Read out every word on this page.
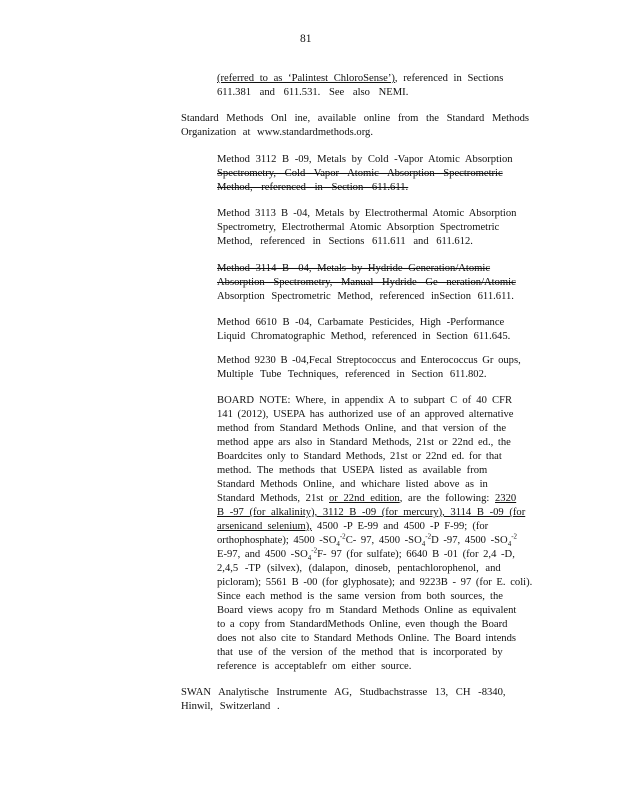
81
(referred to as ‘Palintest ChloroSense’), referenced in Sections
611.381 and 611.531. See also NEMI.
Standard Methods Onl ine, available online from the Standard Methods
Organization at www.standardmethods.org.
Method 3112 B -09, Metals by Cold -Vapor Atomic Absorption
Spectrometry, Cold Vapor Atomic Absorption Spectrometric
Method, referenced in Section 611.611.
Method 3113 B -04, Metals by Electrothermal Atomic Absorption
Spectrometry, Electrothermal Atomic Absorption Spectrometric
Method, referenced in Sections 611.611 and 611.612.
Method 3114 B -04, Metals by Hydride Generation/Atomic
Absorption Spectrometry, Manual Hydride Ge neration/Atomic
Absorption Spectrometric Method, referenced inSection 611.611.
Method 6610 B -04, Carbamate Pesticides, High -Performance
Liquid Chromatographic Method, referenced in Section 611.645.
Method 9230 B -04,Fecal Streptococcus and Enterococcus Gr oups,
Multiple Tube Techniques, referenced in Section 611.802.
BOARD NOTE: Where, in appendix A to subpart C of 40 CFR
141 (2012), USEPA has authorized use of an approved alternative
method from Standard Methods Online, and that version of the
method appe ars also in Standard Methods, 21st or 22nd ed., the
Boardcites only to Standard Methods, 21st or 22nd ed. for that
method. The methods that USEPA listed as available from
Standard Methods Online, and whichare listed above as in
Standard Methods, 21st or 22nd edition, are the following: 2320
B -97 (for alkalinity), 3112 B -09 (for mercury), 3114 B -09 (for
arsenicand selenium), 4500 -P E-99 and 4500 -P F-99; (for
orthophosphate); 4500 $-SO_4^{-2}C-$ 97, 4500 $-SO_4^{-2}D$ -97, 4500 $-SO_4^{-2}$
E-97, and 4500 $-SO_4^{-2}F-$ 97 (for sulfate); 6640 B -01 (for 2,4 -D,
2,4,5 -TP (silvex), (dalapon, dinoseb, pentachlorophenol, and
picloram); 5561 B -00 (for glyphosate); and 9223B - 97 (for E. coli).
Since each method is the same version from both sources, the
Board views acopy fro m Standard Methods Online as equivalent
to a copy from StandardMethods Online, even though the Board
does not also cite to Standard Methods Online. The Board intends
that use of the version of the method that is incorporated by
reference is acceptablefr om either source.
SWAN Analytische Instrumente AG, Studbachstrasse 13, CH -8340,
Hinwil, Switzerland .
